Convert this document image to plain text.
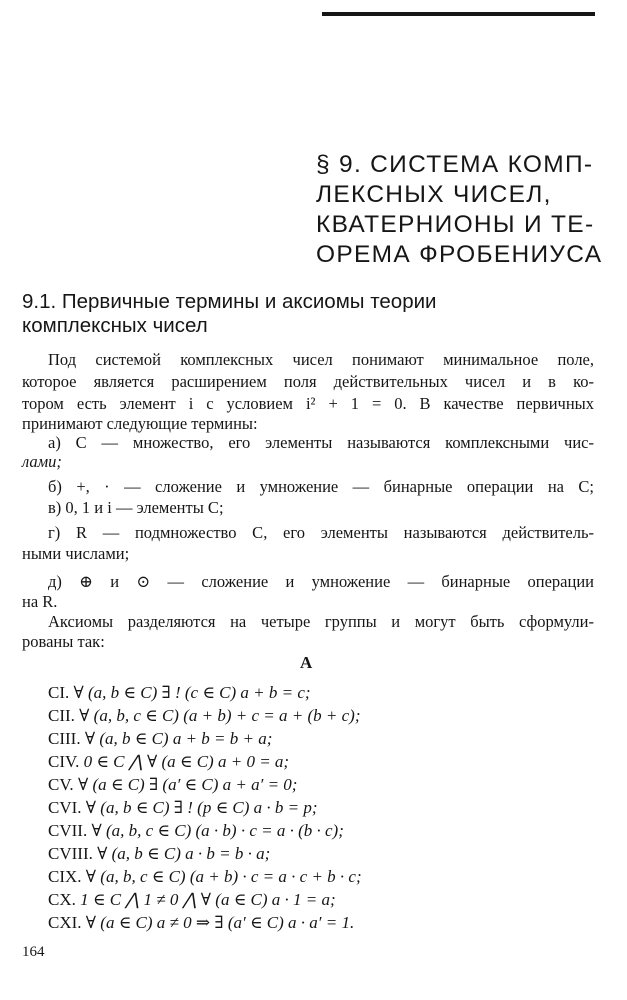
§ 9. СИСТЕМА КОМП-
ЛЕКСНЫХ ЧИСЕЛ,
КВАТЕРНИОНЫ И ТЕ-
ОРЕМА ФРОБЕНИУСА
9.1. Первичные термины и аксиомы теории
комплексных чисел
Под системой комплексных чисел понимают минимальное поле,
которое является расширением поля действительных чисел и в ко-
тором есть элемент i с условием i² + 1 = 0. В качестве первичных
принимают следующие термины:
а) C — множество, его элементы называются комплексными чис-
лами;
б) +, · — сложение и умножение — бинарные операции на C;
в) 0, 1 и i — элементы C;
г) R — подмножество C, его элементы называются действитель-
ными числами;
д) ⊕ и ⊙ — сложение и умножение — бинарные операции
на R.
Аксиомы разделяются на четыре группы и могут быть сформули-
рованы так:
A
CI. ∀ (a, b ∈ C) ∃ ! (c ∈ C) a + b = c;
CII. ∀ (a, b, c ∈ C) (a + b) + c = a + (b + c);
CIII. ∀ (a, b ∈ C) a + b = b + a;
CIV. 0 ∈ C ⋀ ∀ (a ∈ C) a + 0 = a;
CV. ∀ (a ∈ C) ∃ (a′ ∈ C) a + a′ = 0;
CVI. ∀ (a, b ∈ C) ∃ ! (p ∈ C) a · b = p;
CVII. ∀ (a, b, c ∈ C) (a · b) · c = a · (b · c);
CVIII. ∀ (a, b ∈ C) a · b = b · a;
CIX. ∀ (a, b, c ∈ C) (a + b) · c = a · c + b · c;
CX. 1 ∈ C ⋀ 1 ≠ 0 ⋀ ∀ (a ∈ C) a · 1 = a;
CXI. ∀ (a ∈ C) a ≠ 0 ⇒ ∃ (a′ ∈ C) a · a′ = 1.
164
